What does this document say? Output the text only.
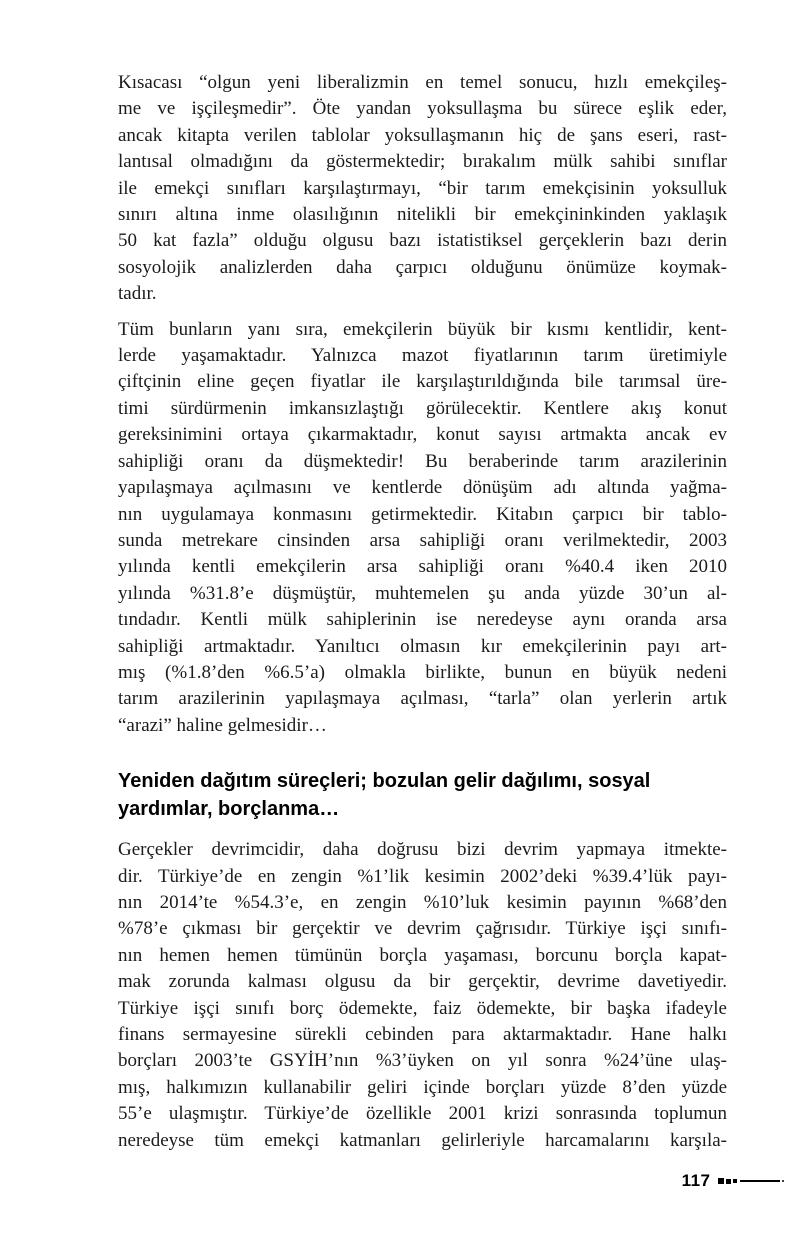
Kısacası “olgun yeni liberalizmin en temel sonucu, hızlı emekçileş-
me ve işçileşmedir”. Öte yandan yoksullaşma bu sürece eşlik eder,
ancak kitapta verilen tablolar yoksullaşmanın hiç de şans eseri, rast-
lantısal olmadığını da göstermektedir; bırakalım mülk sahibi sınıflar
ile emekçi sınıfları karşılaştırmayı, “bir tarım emekçisinin yoksulluk
sınırı altına inme olasılığının nitelikli bir emekçininkinden yaklaşık
50 kat fazla” olduğu olgusu bazı istatistiksel gerçeklerin bazı derin
sosyolojik analizlerden daha çarpıcı olduğunu önümüze koymak-
tadır.
Tüm bunların yanı sıra, emekçilerin büyük bir kısmı kentlidir, kent-
lerde yaşamaktadır. Yalnızca mazot fiyatlarının tarım üretimiyle
çiftçinin eline geçen fiyatlar ile karşılaştırıldığında bile tarımsal üre-
timi sürdürmenin imkansızlaştığı görülecektir. Kentlere akış konut
gereksinimini ortaya çıkarmaktadır, konut sayısı artmakta ancak ev
sahipliği oranı da düşmektedir! Bu beraberinde tarım arazilerinin
yapılaşmaya açılmasını ve kentlerde dönüşüm adı altında yağma-
nın uygulamaya konmasını getirmektedir. Kitabın çarpıcı bir tablo-
sunda metrekare cinsinden arsa sahipliği oranı verilmektedir, 2003
yılında kentli emekçilerin arsa sahipliği oranı %40.4 iken 2010
yılında %31.8’e düşmüştür, muhtemelen şu anda yüzde 30’un al-
tındadır. Kentli mülk sahiplerinin ise neredeyse aynı oranda arsa
sahipliği artmaktadır. Yanıltıcı olmasın kır emekçilerinin payı art-
mış (%1.8’den %6.5’a) olmakla birlikte, bunun en büyük nedeni
tarım arazilerinin yapılaşmaya açılması, “tarla” olan yerlerin artık
“arazi” haline gelmesidir…
Yeniden dağıtım süreçleri; bozulan gelir dağılımı, sosyal
yardımlar, borçlanma…
Gerçekler devrimcidir, daha doğrusu bizi devrim yapmaya itmekte-
dir. Türkiye’de en zengin %1’lik kesimin 2002’deki %39.4’lük payı-
nın 2014’te %54.3’e, en zengin %10’luk kesimin payının %68’den
%78’e çıkması bir gerçektir ve devrim çağrısıdır. Türkiye işçi sınıfı-
nın hemen hemen tümünün borçla yaşaması, borcunu borçla kapat-
mak zorunda kalması olgusu da bir gerçektir, devrime davetiyedir.
Türkiye işçi sınıfı borç ödemekte, faiz ödemekte, bir başka ifadeyle
finans sermayesine sürekli cebinden para aktarmaktadır. Hane halkı
borçları 2003’te GSYİH’nın %3’üyken on yıl sonra %24’üne ulaş-
mış, halkımızın kullanabilir geliri içinde borçları yüzde 8’den yüzde
55’e ulaşmıştır. Türkiye’de özellikle 2001 krizi sonrasında toplumun
neredeyse tüm emekçi katmanları gelirleriyle harcamalarını karşıla-
117
